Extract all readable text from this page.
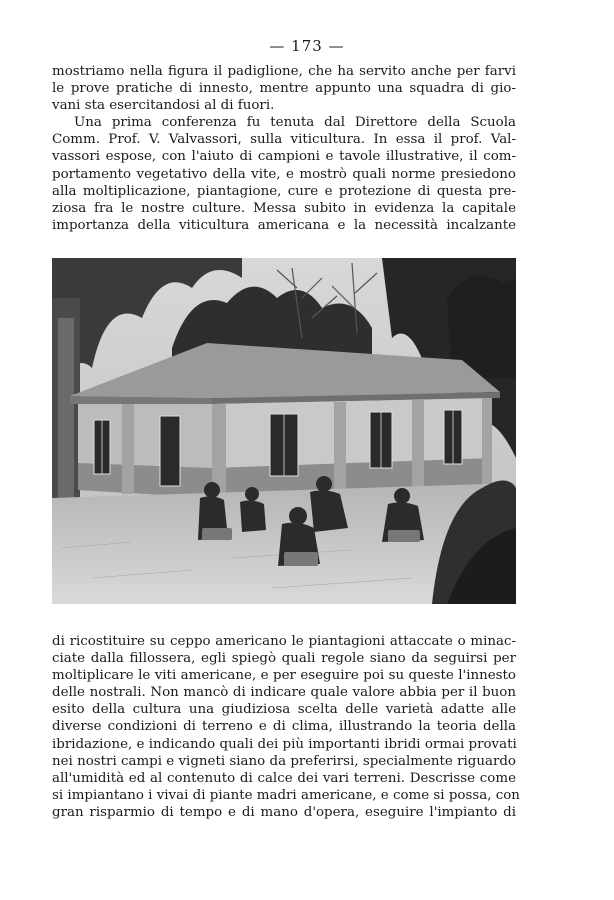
— 173 —
mostriamo nella figura il padiglione, che ha servito anche per farvi
le prove pratiche di innesto, mentre appunto una squadra di gio-
vani sta esercitandosi al di fuori.
Una prima conferenza fu tenuta dal Direttore della Scuola
Comm. Prof. V. Valvassori, sulla viticultura. In essa il prof. Val-
vassori espose, con l'aiuto di campioni e tavole illustrative, il com-
portamento vegetativo della vite, e mostrò quali norme presiedono
alla moltiplicazione, piantagione, cure e protezione di questa pre-
ziosa fra le nostre culture. Messa subito in evidenza la capitale
importanza della viticultura americana e la necessità incalzante
di ricostituire su ceppo americano le piantagioni attaccate o minac-
ciate dalla fillossera, egli spiegò quali regole siano da seguirsi per
moltiplicare le viti americane, e per eseguire poi su queste l'innesto
delle nostrali. Non mancò di indicare quale valore abbia per il buon
esito della cultura una giudiziosa scelta delle varietà adatte alle
diverse condizioni di terreno e di clima, illustrando la teoria della
ibridazione, e indicando quali dei più importanti ibridi ormai provati
nei nostri campi e vigneti siano da preferirsi, specialmente riguardo
all'umidità ed al contenuto di calce dei vari terreni. Descrisse come
si impiantano i vivai di piante madri americane, e come si possa, con
gran risparmio di tempo e di mano d'opera, eseguire l'impianto di
